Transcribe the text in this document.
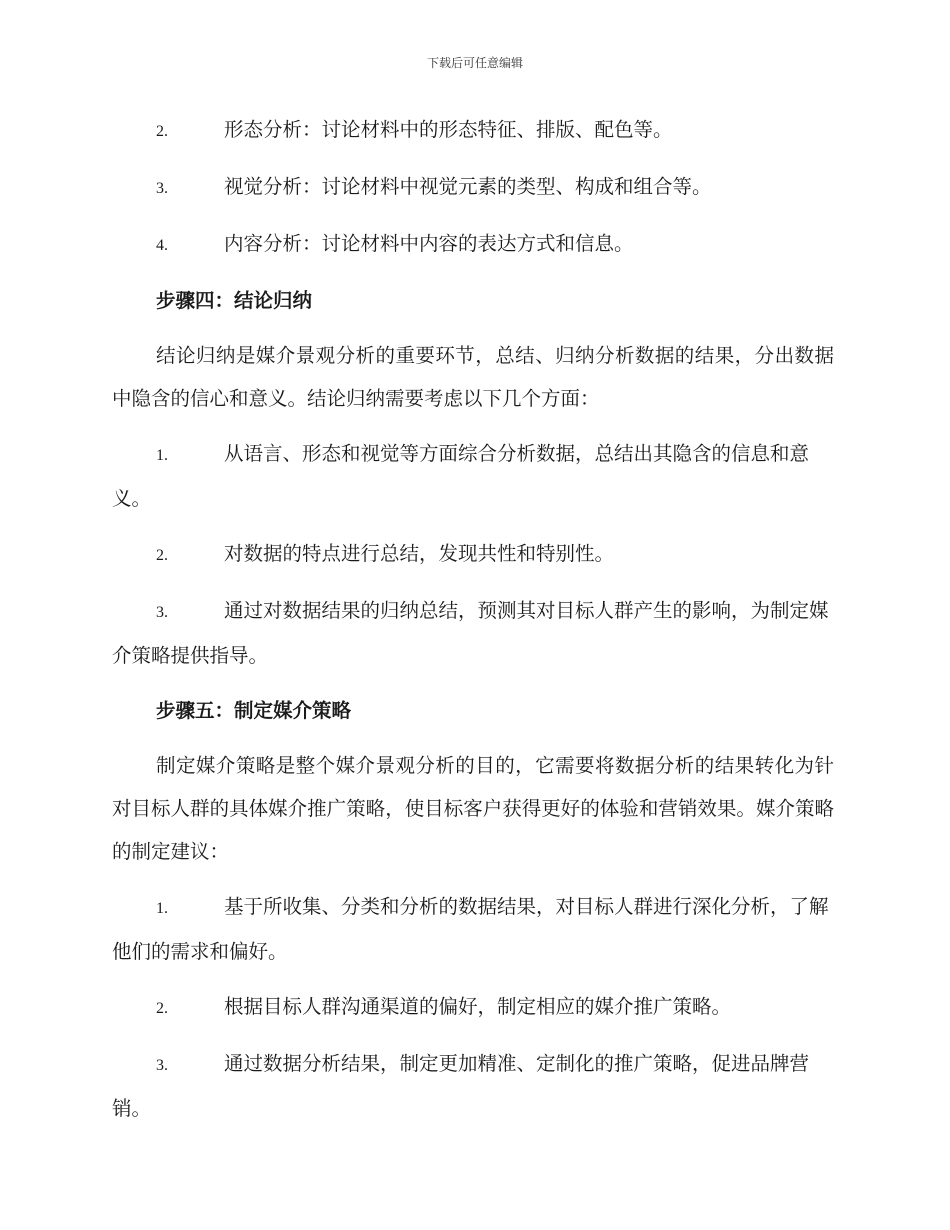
下载后可任意编辑
2.	形态分析：讨论材料中的形态特征、排版、配色等。
3.	视觉分析：讨论材料中视觉元素的类型、构成和组合等。
4.	内容分析：讨论材料中内容的表达方式和信息。
步骤四：结论归纳
结论归纳是媒介景观分析的重要环节，总结、归纳分析数据的结果，分出数据中隐含的信心和意义。结论归纳需要考虑以下几个方面：
1.	从语言、形态和视觉等方面综合分析数据，总结出其隐含的信息和意义。
2.	对数据的特点进行总结，发现共性和特别性。
3.	通过对数据结果的归纳总结，预测其对目标人群产生的影响，为制定媒介策略提供指导。
步骤五：制定媒介策略
制定媒介策略是整个媒介景观分析的目的，它需要将数据分析的结果转化为针对目标人群的具体媒介推广策略，使目标客户获得更好的体验和营销效果。媒介策略的制定建议：
1.	基于所收集、分类和分析的数据结果，对目标人群进行深化分析，了解他们的需求和偏好。
2.	根据目标人群沟通渠道的偏好，制定相应的媒介推广策略。
3.	通过数据分析结果，制定更加精准、定制化的推广策略，促进品牌营销。
